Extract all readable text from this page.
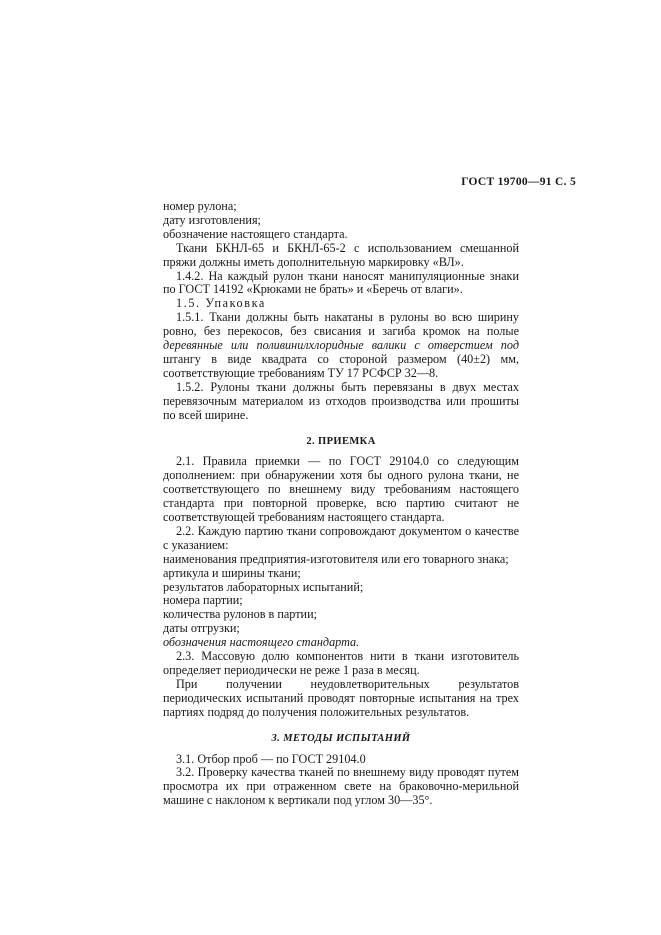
ГОСТ 19700—91 С. 5

номер рулона;

дату изготовления;

обозначение настоящего стандарта.

Ткани БКНЛ-65 и БКНЛ-65-2 с использованием смешанной пряжи должны иметь дополнительную маркировку «ВЛ».

1.4.2. На каждый рулон ткани наносят манипуляционные знаки по ГОСТ 14192 «Крюками не брать» и «Беречь от влаги».

1.5. Упаковка

1.5.1. Ткани должны быть накатаны в рулоны во всю ширину ровно, без перекосов, без свисания и загиба кромок на полые деревянные или поливинилхлоридные валики с отверстием под штангу в виде квадрата со стороной размером (40±2) мм, соответствующие требованиям ТУ 17 РСФСР 32—8.

1.5.2. Рулоны ткани должны быть перевязаны в двух местах перевязочным материалом из отходов производства или прошиты по всей ширине.

2. ПРИЕМКА

2.1. Правила приемки — по ГОСТ 29104.0 со следующим дополнением: при обнаружении хотя бы одного рулона ткани, не соответствующего по внешнему виду требованиям настоящего стандарта при повторной проверке, всю партию считают не соответствующей требованиям настоящего стандарта.

2.2. Каждую партию ткани сопровождают документом о качестве с указанием:

наименования предприятия-изготовителя или его товарного знака;

артикула и ширины ткани;

результатов лабораторных испытаний;

номера партии;

количества рулонов в партии;

даты отгрузки;

обозначения настоящего стандарта.

2.3. Массовую долю компонентов нити в ткани изготовитель определяет периодически не реже 1 раза в месяц.

При получении неудовлетворительных результатов периодических испытаний проводят повторные испытания на трех партиях подряд до получения положительных результатов.

3. МЕТОДЫ ИСПЫТАНИЙ

3.1. Отбор проб — по ГОСТ 29104.0

3.2. Проверку качества тканей по внешнему виду проводят путем просмотра их при отраженном свете на браковочно-мерильной машине с наклоном к вертикали под углом 30—35°.
